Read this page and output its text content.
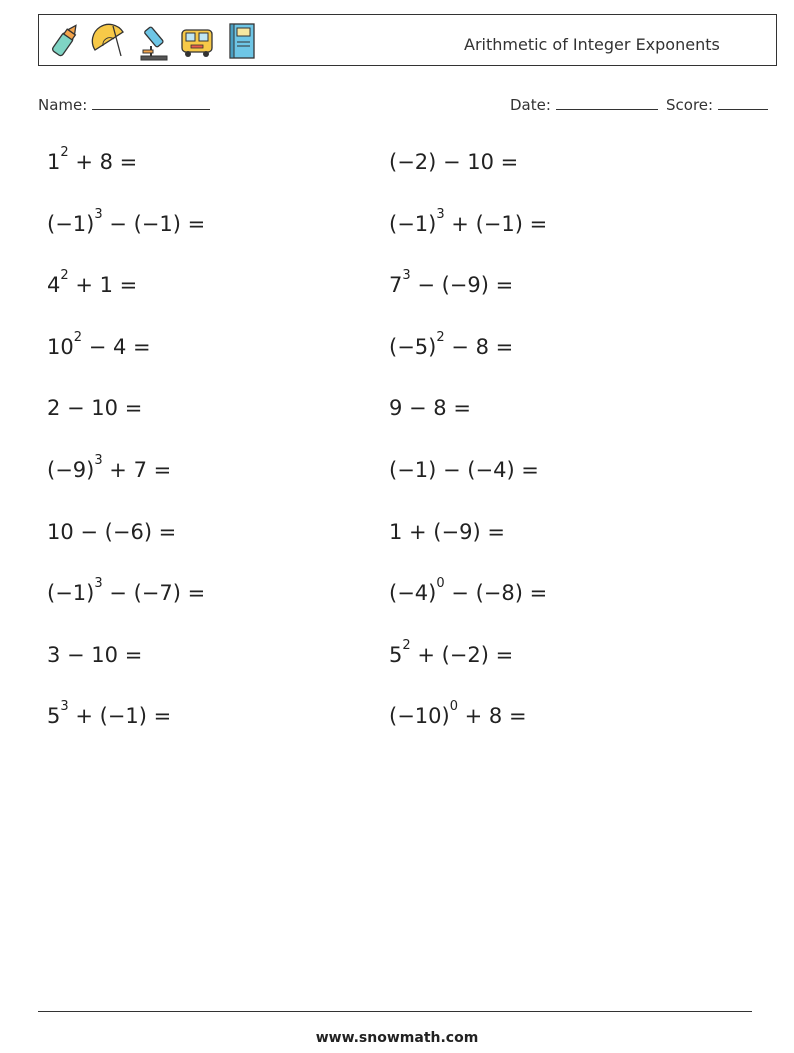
Arithmetic of Integer Exponents
Name:	Date:	Score:
$1^2 + 8$ =
$(-1)^3 - (-1)$ =
$4^2 + 1$ =
$10^2 - 4$ =
2 − 10 =
$(-9)^3 + 7$ =
10 − (−6) =
$(-1)^3 - (-7)$ =
3 − 10 =
$5^3 + (-1)$ =
(−2) − 10 =
$(-1)^3 + (-1)$ =
$7^3 - (-9)$ =
$(-5)^2 - 8$ =
9 − 8 =
(−1) − (−4) =
1 + (−9) =
$(-4)^0 - (-8)$ =
$5^2 + (-2)$ =
$(-10)^0 + 8$ =
www.snowmath.com
